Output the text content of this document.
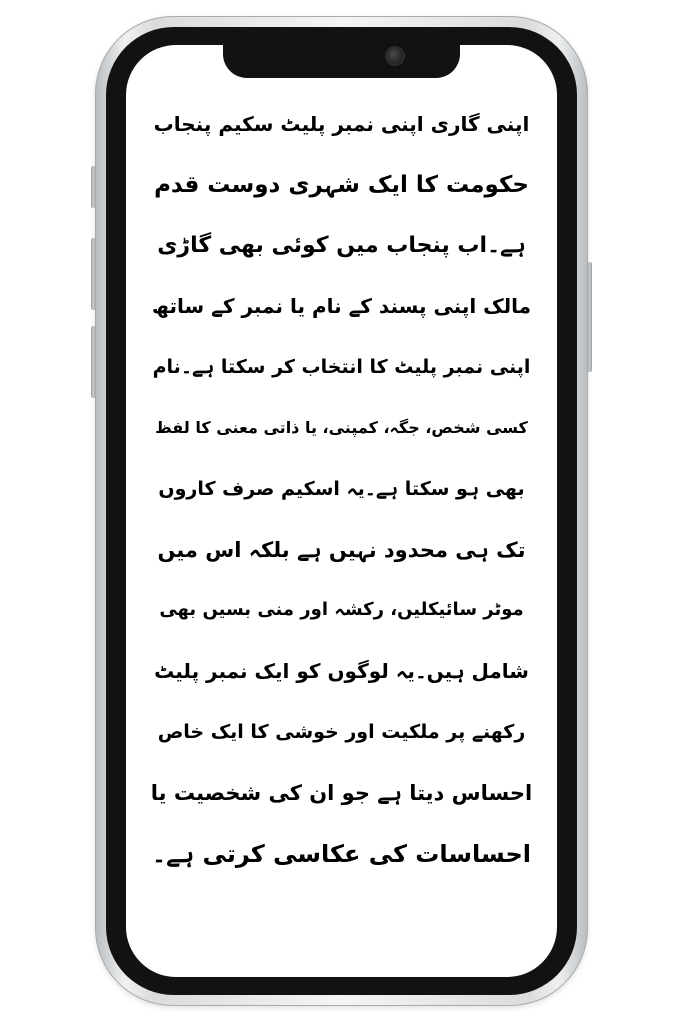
اپنی گاری اپنی نمبر پلیٹ سکیم پنجاب
حکومت کا ایک شہری دوست قدم
ہے۔اب پنجاب میں کوئی بھی گاڑی
مالک اپنی پسند کے نام یا نمبر کے ساتھ
اپنی نمبر پلیٹ کا انتخاب کر سکتا ہے۔نام
کسی شخص، جگہ، کمپنی، یا ذاتی معنی کا لفظ
بھی ہو سکتا ہے۔یہ اسکیم صرف کاروں
تک ہی محدود نہیں ہے بلکہ اس میں
موٹر سائیکلیں، رکشہ اور منی بسیں بھی
شامل ہیں۔یہ لوگوں کو ایک نمبر پلیٹ
رکھنے پر ملکیت اور خوشی کا ایک خاص
احساس دیتا ہے جو ان کی شخصیت یا
احساسات کی عکاسی کرتی ہے۔
